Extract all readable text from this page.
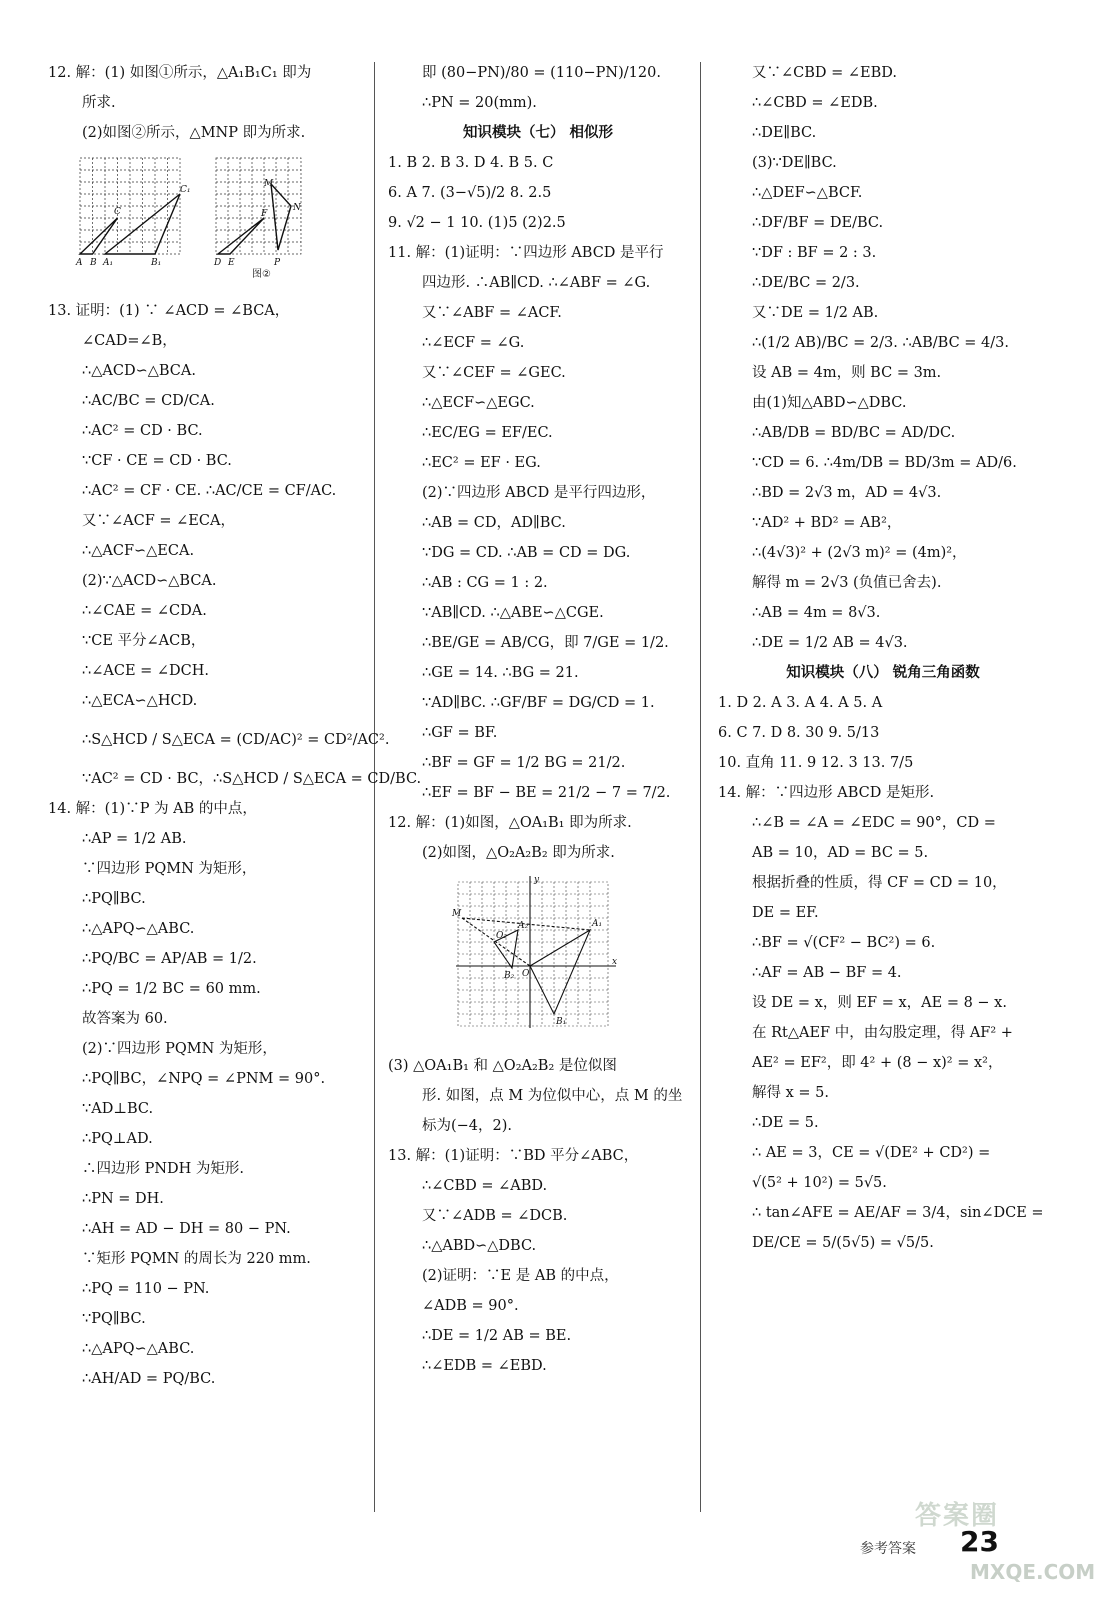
12. 解：(1) 如图①所示，△A₁B₁C₁ 即为
所求.
(2)如图②所示，△MNP 即为所求.
A B
C
A₁	B₁
C₁
D E
F
M
N
P
图②
13. 证明：(1) ∵ ∠ACD = ∠BCA，
∠CAD=∠B，
∴△ACD∽△BCA.
∴AC/BC = CD/CA.
∴AC² = CD · BC.
∵CF · CE = CD · BC.
∴AC² = CF · CE. ∴AC/CE = CF/AC.
又∵∠ACF = ∠ECA，
∴△ACF∽△ECA.
(2)∵△ACD∽△BCA.
∴∠CAE = ∠CDA.
∵CE 平分∠ACB，
∴∠ACE = ∠DCH.
∴△ECA∽△HCD.
∴S△HCD / S△ECA = (CD/AC)² = CD²/AC².
∵AC² = CD · BC，∴S△HCD / S△ECA = CD/BC.
14. 解：(1)∵P 为 AB 的中点，
∴AP = 1/2 AB.
∵四边形 PQMN 为矩形，
∴PQ∥BC.
∴△APQ∽△ABC.
∴PQ/BC = AP/AB = 1/2.
∴PQ = 1/2 BC = 60 mm.
故答案为 60.
(2)∵四边形 PQMN 为矩形，
∴PQ∥BC，∠NPQ = ∠PNM = 90°.
∵AD⊥BC.
∴PQ⊥AD.
∴四边形 PNDH 为矩形.
∴PN = DH.
∴AH = AD − DH = 80 − PN.
∵矩形 PQMN 的周长为 220 mm.
∴PQ = 110 − PN.
∵PQ∥BC.
∴△APQ∽△ABC.
∴AH/AD = PQ/BC.
即 (80−PN)/80 = (110−PN)/120.
∴PN = 20(mm).
知识模块（七） 相似形
1. B 2. B 3. D 4. B 5. C
6. A 7. (3−√5)/2 8. 2.5
9. √2 − 1 10. (1)5 (2)2.5
11. 解：(1)证明：∵四边形 ABCD 是平行
四边形. ∴AB∥CD. ∴∠ABF = ∠G.
又∵∠ABF = ∠ACF.
∴∠ECF = ∠G.
又∵∠CEF = ∠GEC.
∴△ECF∽△EGC.
∴EC/EG = EF/EC.
∴EC² = EF · EG.
(2)∵四边形 ABCD 是平行四边形，
∴AB = CD，AD∥BC.
∵DG = CD. ∴AB = CD = DG.
∴AB : CG = 1 : 2.
∵AB∥CD. ∴△ABE∽△CGE.
∴BE/GE = AB/CG，即 7/GE = 1/2.
∴GE = 14. ∴BG = 21.
∵AD∥BC. ∴GF/BF = DG/CD = 1.
∴GF = BF.
∴BF = GF = 1/2 BG = 21/2.
∴EF = BF − BE = 21/2 − 7 = 7/2.
12. 解：(1)如图，△OA₁B₁ 即为所求.
(2)如图，△O₂A₂B₂ 即为所求.
y
x
A₁
B₁
O₂
A₂
B₂
M
O
(3) △OA₁B₁ 和 △O₂A₂B₂ 是位似图
形. 如图，点 M 为位似中心，点 M 的坐
标为(−4，2).
13. 解：(1)证明：∵BD 平分∠ABC，
∴∠CBD = ∠ABD.
又∵∠ADB = ∠DCB.
∴△ABD∽△DBC.
(2)证明：∵E 是 AB 的中点，
∠ADB = 90°.
∴DE = 1/2 AB = BE.
∴∠EDB = ∠EBD.
又∵∠CBD = ∠EBD.
∴∠CBD = ∠EDB.
∴DE∥BC.
(3)∵DE∥BC.
∴△DEF∽△BCF.
∴DF/BF = DE/BC.
∵DF : BF = 2 : 3.
∴DE/BC = 2/3.
又∵DE = 1/2 AB.
∴(1/2 AB)/BC = 2/3. ∴AB/BC = 4/3.
设 AB = 4m，则 BC = 3m.
由(1)知△ABD∽△DBC.
∴AB/DB = BD/BC = AD/DC.
∵CD = 6. ∴4m/DB = BD/3m = AD/6.
∴BD = 2√3 m，AD = 4√3.
∵AD² + BD² = AB²，
∴(4√3)² + (2√3 m)² = (4m)²，
解得 m = 2√3 (负值已舍去).
∴AB = 4m = 8√3.
∴DE = 1/2 AB = 4√3.
知识模块（八） 锐角三角函数
1. D 2. A 3. A 4. A 5. A
6. C 7. D 8. 30 9. 5/13
10. 直角 11. 9 12. 3 13. 7/5
14. 解：∵四边形 ABCD 是矩形.
∴∠B = ∠A = ∠EDC = 90°，CD =
AB = 10，AD = BC = 5.
根据折叠的性质，得 CF = CD = 10，
DE = EF.
∴BF = √(CF² − BC²) = 6.
∴AF = AB − BF = 4.
设 DE = x，则 EF = x，AE = 8 − x.
在 Rt△AEF 中，由勾股定理，得 AF² +
AE² = EF²，即 4² + (8 − x)² = x²，
解得 x = 5.
∴DE = 5.
∴ AE = 3，CE = √(DE² + CD²) =
√(5² + 10²) = 5√5.
∴ tan∠AFE = AE/AF = 3/4，sin∠DCE =
DE/CE = 5/(5√5) = √5/5.
答案圈
MXQE.COM
参考答案 23
